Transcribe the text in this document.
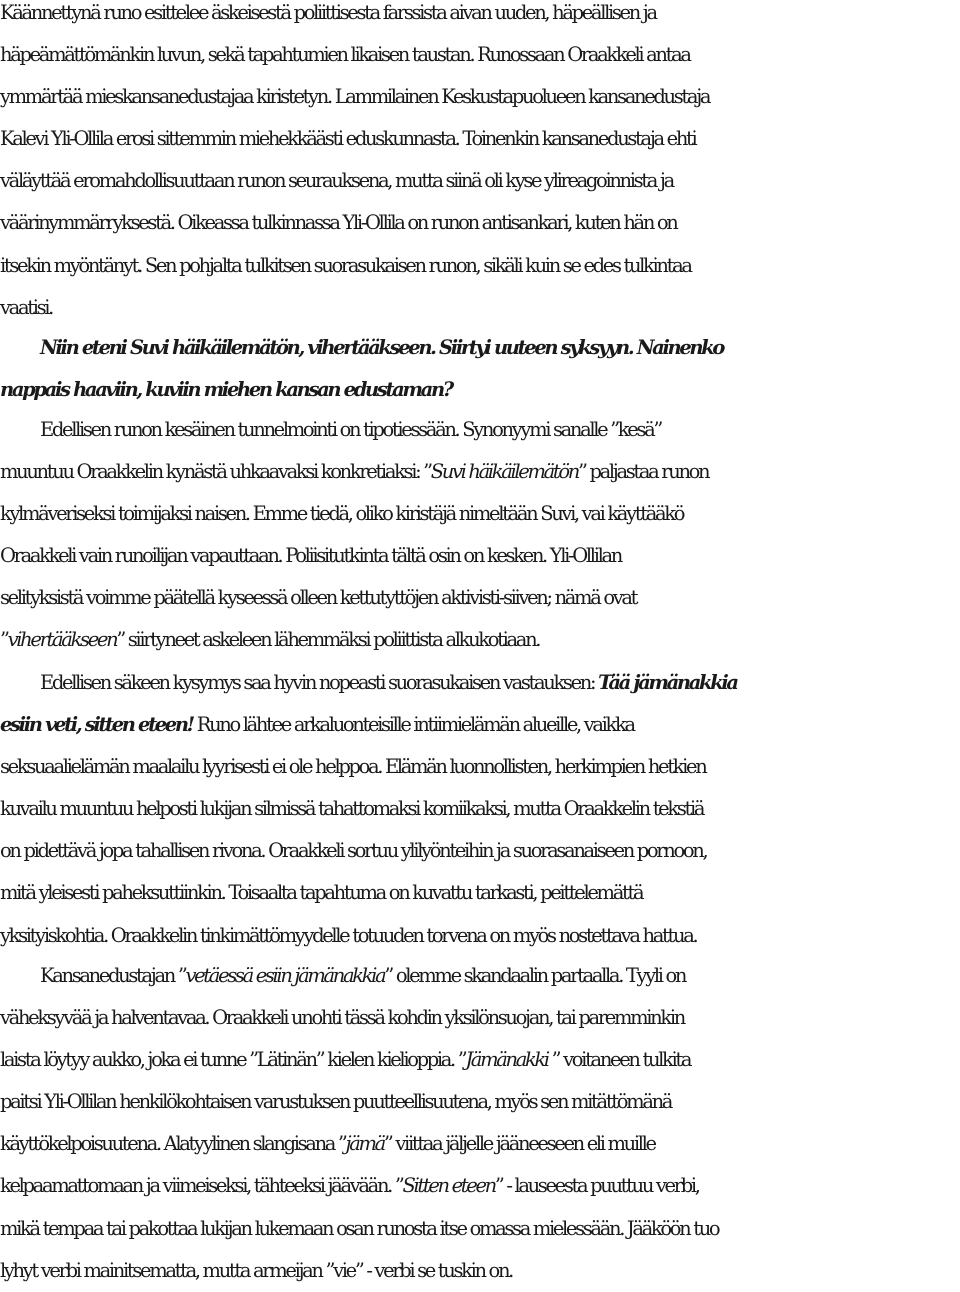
Käännettynä runo esittelee äskeisestä poliittisesta farssista aivan uuden, häpeällisen ja
häpeämättömänkin luvun, sekä tapahtumien likaisen taustan. Runossaan Oraakkeli antaa
ymmärtää mieskansanedustajaa kiristetyn. Lammilainen Keskustapuolueen kansanedustaja
Kalevi Yli-Ollila erosi sittemmin miehekkäästi eduskunnasta. Toinenkin kansanedustaja ehti
väläyttää eromahdollisuuttaan runon seurauksena, mutta siinä oli kyse ylireagoinnista ja
väärinymmärryksestä. Oikeassa tulkinnassa Yli-Ollila on runon antisankari, kuten hän on
itsekin myöntänyt. Sen pohjalta tulkitsen suorasukaisen runon, sikäli kuin se edes tulkintaa
vaatisi.
Niin eteni Suvi häikäilemätön, vihertääkseen. Siirtyi uuteen syksyyn. Nainenko
nappais haaviin, kuviin miehen kansan edustaman?
Edellisen runon kesäinen tunnelmointi on tipotiessään. Synonyymi sanalle ”kesä”
muuntuu Oraakkelin kynästä uhkaavaksi konkretiaksi: ”Suvi häikäilemätön” paljastaa runon
kylmäveriseksi toimijaksi naisen. Emme tiedä, oliko kiristäjä nimeltään Suvi, vai käyttääkö
Oraakkeli vain runoilijan vapauttaan. Poliisitutkinta tältä osin on kesken. Yli-Ollilan
selityksistä voimme päätellä kyseessä olleen kettutyttöjen aktivisti-siiven; nämä ovat
”vihertääkseen” siirtyneet askeleen lähemmäksi poliittista alkukotiaan.
Edellisen säkeen kysymys saa hyvin nopeasti suorasukaisen vastauksen: Tää jämänakkia
esiin veti, sitten eteen! Runo lähtee arkaluonteisille intiimielämän alueille, vaikka
seksuaalielämän maalailu lyyrisesti ei ole helppoa. Elämän luonnollisten, herkimpien hetkien
kuvailu muuntuu helposti lukijan silmissä tahattomaksi komiikaksi, mutta Oraakkelin tekstiä
on pidettävä jopa tahallisen rivona. Oraakkeli sortuu ylilyönteihin ja suorasanaiseen pornoon,
mitä yleisesti paheksuttiinkin. Toisaalta tapahtuma on kuvattu tarkasti, peittelemättä
yksityiskohtia. Oraakkelin tinkimättömyydelle totuuden torvena on myös nostettava hattua.
Kansanedustajan ”vetäessä esiin jämänakkia” olemme skandaalin partaalla. Tyyli on
väheksyvää ja halventavaa. Oraakkeli unohti tässä kohdin yksilönsuojan, tai paremminkin
laista löytyy aukko, joka ei tunne ”Lätinän” kielen kielioppia. ”Jämänakki ” voitaneen tulkita
paitsi Yli-Ollilan henkilökohtaisen varustuksen puutteellisuutena, myös sen mitättömänä
käyttökelpoisuutena. Alatyylinen slangisana ”jämä” viittaa jäljelle jääneeseen eli muille
kelpaamattomaan ja viimeiseksi, tähteeksi jäävään. ”Sitten eteen” - lauseesta puuttuu verbi,
mikä tempaa tai pakottaa lukijan lukemaan osan runosta itse omassa mielessään. Jääköön tuo
lyhyt verbi mainitsematta, mutta armeijan ”vie” - verbi se tuskin on.
